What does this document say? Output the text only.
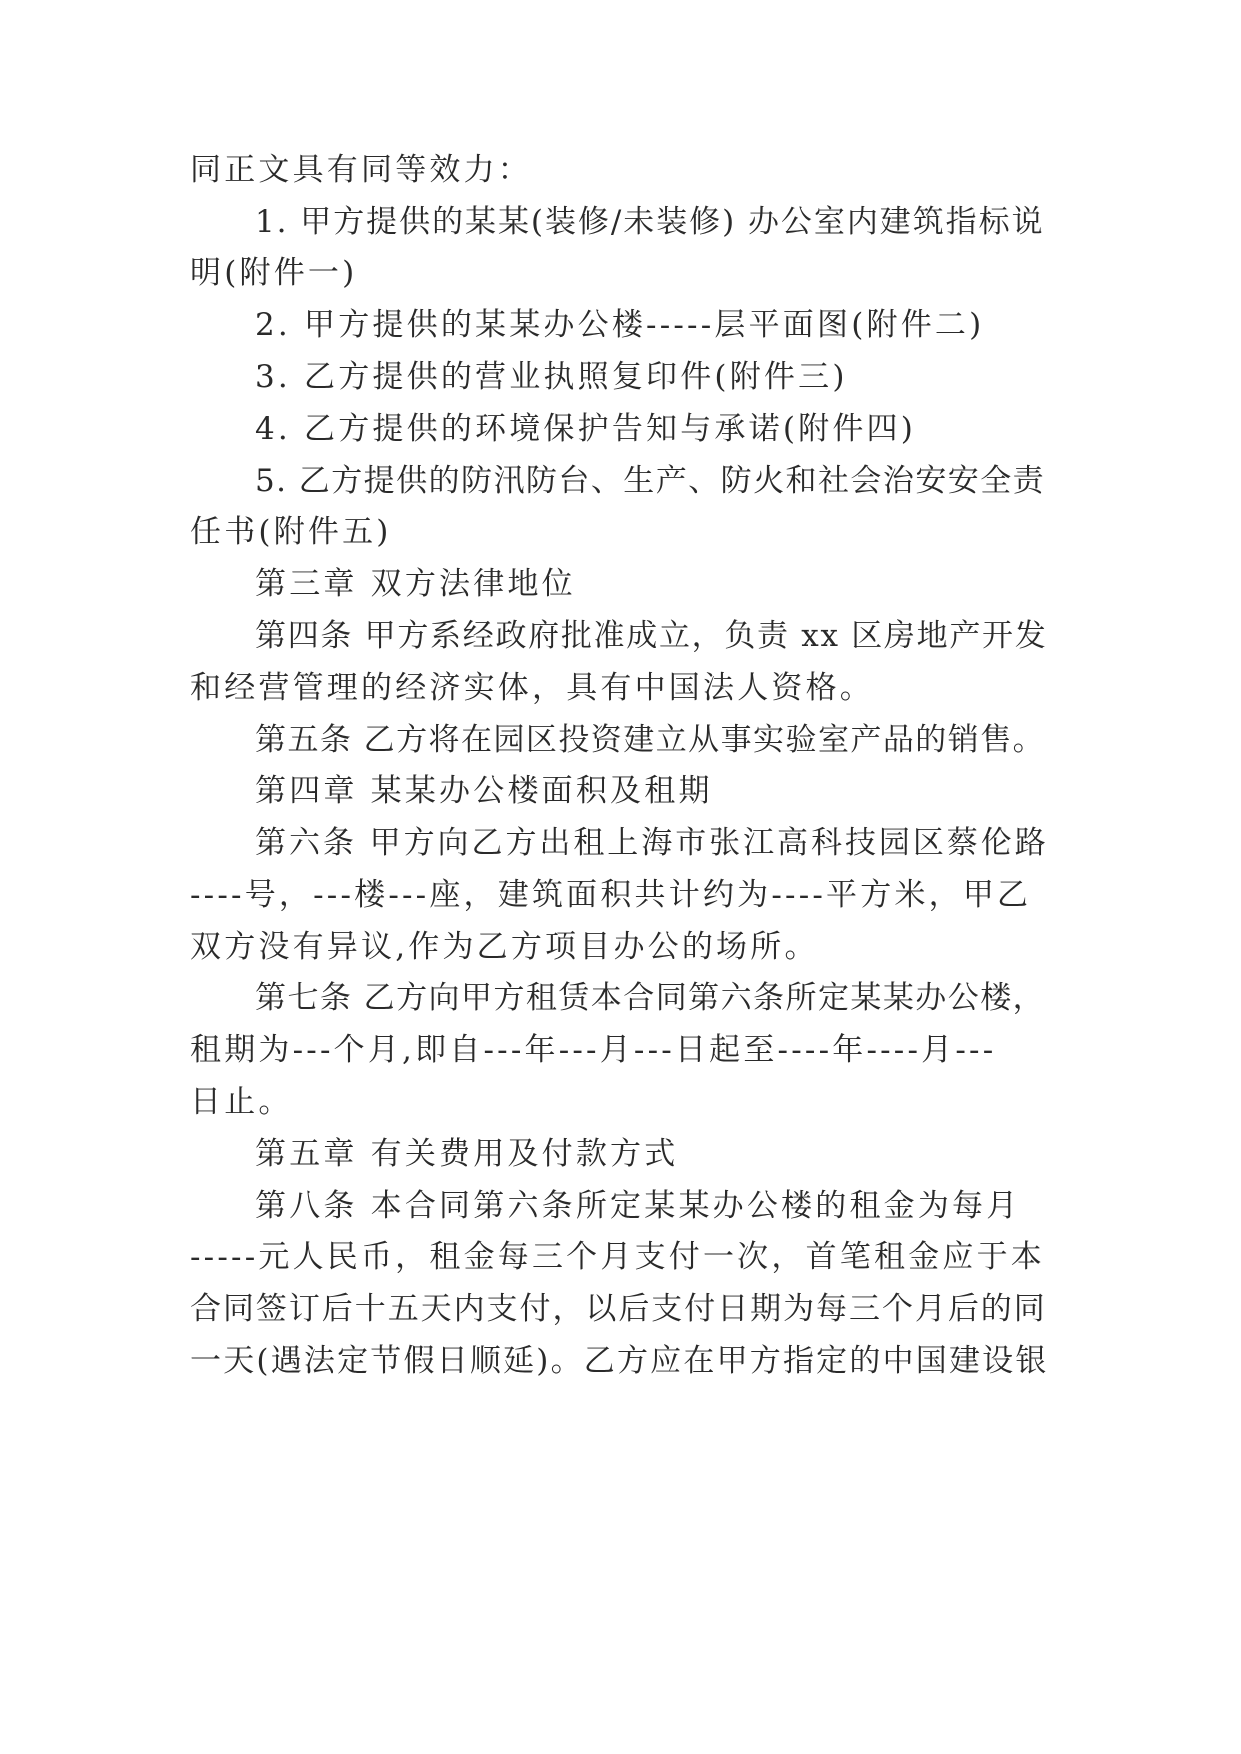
同正文具有同等效力：

1. 甲方提供的某某(装修/未装修) 办公室内建筑指标说

明(附件一)

2. 甲方提供的某某办公楼-----层平面图(附件二)

3. 乙方提供的营业执照复印件(附件三)

4. 乙方提供的环境保护告知与承诺(附件四)

5. 乙方提供的防汛防台、生产、防火和社会治安安全责

任书(附件五)

第三章 双方法律地位

第四条 甲方系经政府批准成立，负责 xx 区房地产开发

和经营管理的经济实体，具有中国法人资格。

第五条 乙方将在园区投资建立从事实验室产品的销售。

第四章 某某办公楼面积及租期

第六条 甲方向乙方出租上海市张江高科技园区蔡伦路

----号，---楼---座，建筑面积共计约为----平方米，甲乙

双方没有异议,作为乙方项目办公的场所。

第七条 乙方向甲方租赁本合同第六条所定某某办公楼，

租期为---个月,即自---年---月---日起至----年----月---

日止。

第五章 有关费用及付款方式

第八条 本合同第六条所定某某办公楼的租金为每月

-----元人民币，租金每三个月支付一次，首笔租金应于本

合同签订后十五天内支付，以后支付日期为每三个月后的同

一天(遇法定节假日顺延)。乙方应在甲方指定的中国建设银
